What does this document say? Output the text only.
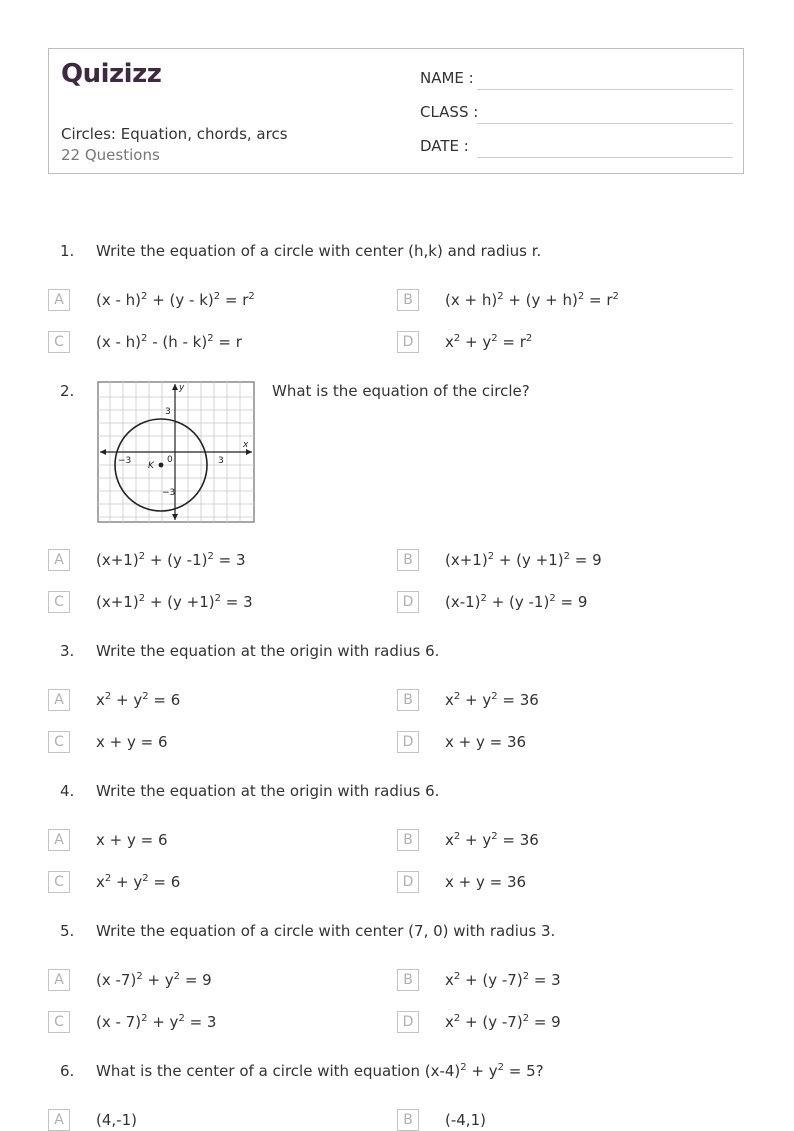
Quizizz
Circles: Equation, chords, arcs
22 Questions
NAME :
CLASS :
DATE :
1. Write the equation of a circle with center (h,k) and radius r.
A	$(x - h)^2 + (y - k)^2 = r^2$	B	$(x + h)^2 + (y + h)^2 = r^2$
C	(x - h)$^2$ - (h - k)$^2$ = r	D	$x^2 + y^2 = r^2$
2.	What is the equation of the circle?
y
x
−3	3
3
−3
0
K
A	$(x+1)^2 + (y$ -1)$^2$ = 3	B	$(x+1)^2 + (y +1)^2 = 9$
C	$(x+1)^2 + (y +1)^2 = 3$	D	$(x-1)^2 + (y$ -1)$^2$ = 9
3. Write the equation at the origin with radius 6.
A	$x^2 + y^2 = 6$	B	$x^2 + y^2 = 36$
C	x + y = 6	D	x + y = 36
4. Write the equation at the origin with radius 6.
A	x + y = 6	B	$x^2 + y^2 = 36$
C	$x^2 + y^2 = 6$	D	x + y = 36
5. Write the equation of a circle with center (7, 0) with radius 3.
A	(x $-7)^2 + y^2 = 9$	B	$x^2 + (y$ -7)$^2$ = 3
C	$(x - 7)^2 + y^2 = 3$	D	$x^2 + (y$ -7)$^2$ = 9
6. What is the center of a circle with equation $(x-4)^2 + y^2 = 5$?
A	(4,-1)	B	(-4,1)
